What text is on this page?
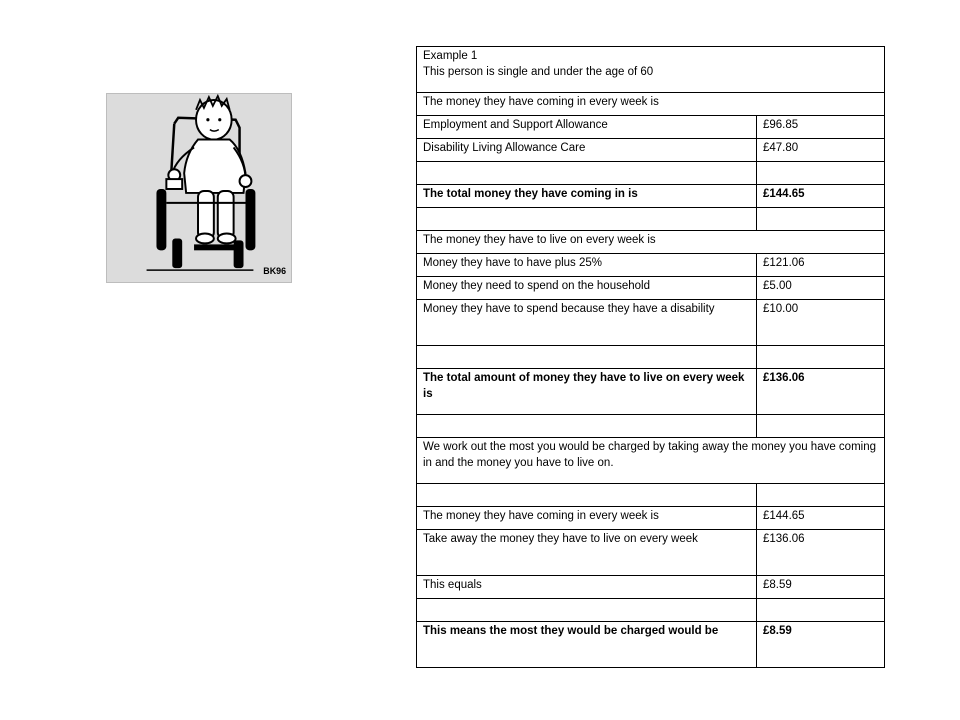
BK96
Example 1
This person is single and under the age of 60	

The money they have coming in every week is	
Employment and Support Allowance	£96.85
Disability Living Allowance Care	£47.80

The total money they have coming in is	£144.65

The money they have to live on every week is	
Money they have to have plus 25%	£121.06
Money they need to spend on the household	£5.00
Money they have to spend because they have a disability	£10.00

The total amount of money they have to live on every week is	£136.06

We work out the most you would be charged by taking away the money you have coming in and the money you have to live on.	

The money they have coming in every week is	£144.65
Take away the money they have to live on every week	£136.06
This equals	£8.59

This means the most they would be charged would be	£8.59
